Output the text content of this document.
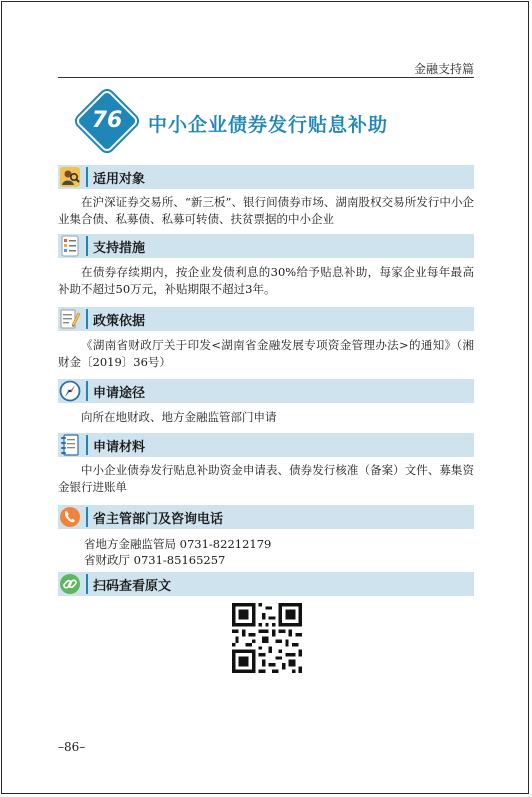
金融支持篇
76	中小企业债券发行贴息补助
适用对象
在沪深证券交易所、“新三板”、银行间债券市场、湖南股权交易所发行中小企业集合债、私募债、私募可转债、扶贫票据的中小企业
支持措施
在债券存续期内，按企业发债利息的30%给予贴息补助，每家企业每年最高补助不超过50万元，补贴期限不超过3年。
政策依据
《湖南省财政厅关于印发<湖南省金融发展专项资金管理办法>的通知》（湘财金〔2019〕36号）
申请途径
向所在地财政、地方金融监管部门申请
申请材料
中小企业债券发行贴息补助资金申请表、债券发行核准（备案）文件、募集资金银行进账单
省主管部门及咨询电话
省地方金融监管局 0731-82212179
省财政厅 0731-85165257
扫码查看原文
–86–
